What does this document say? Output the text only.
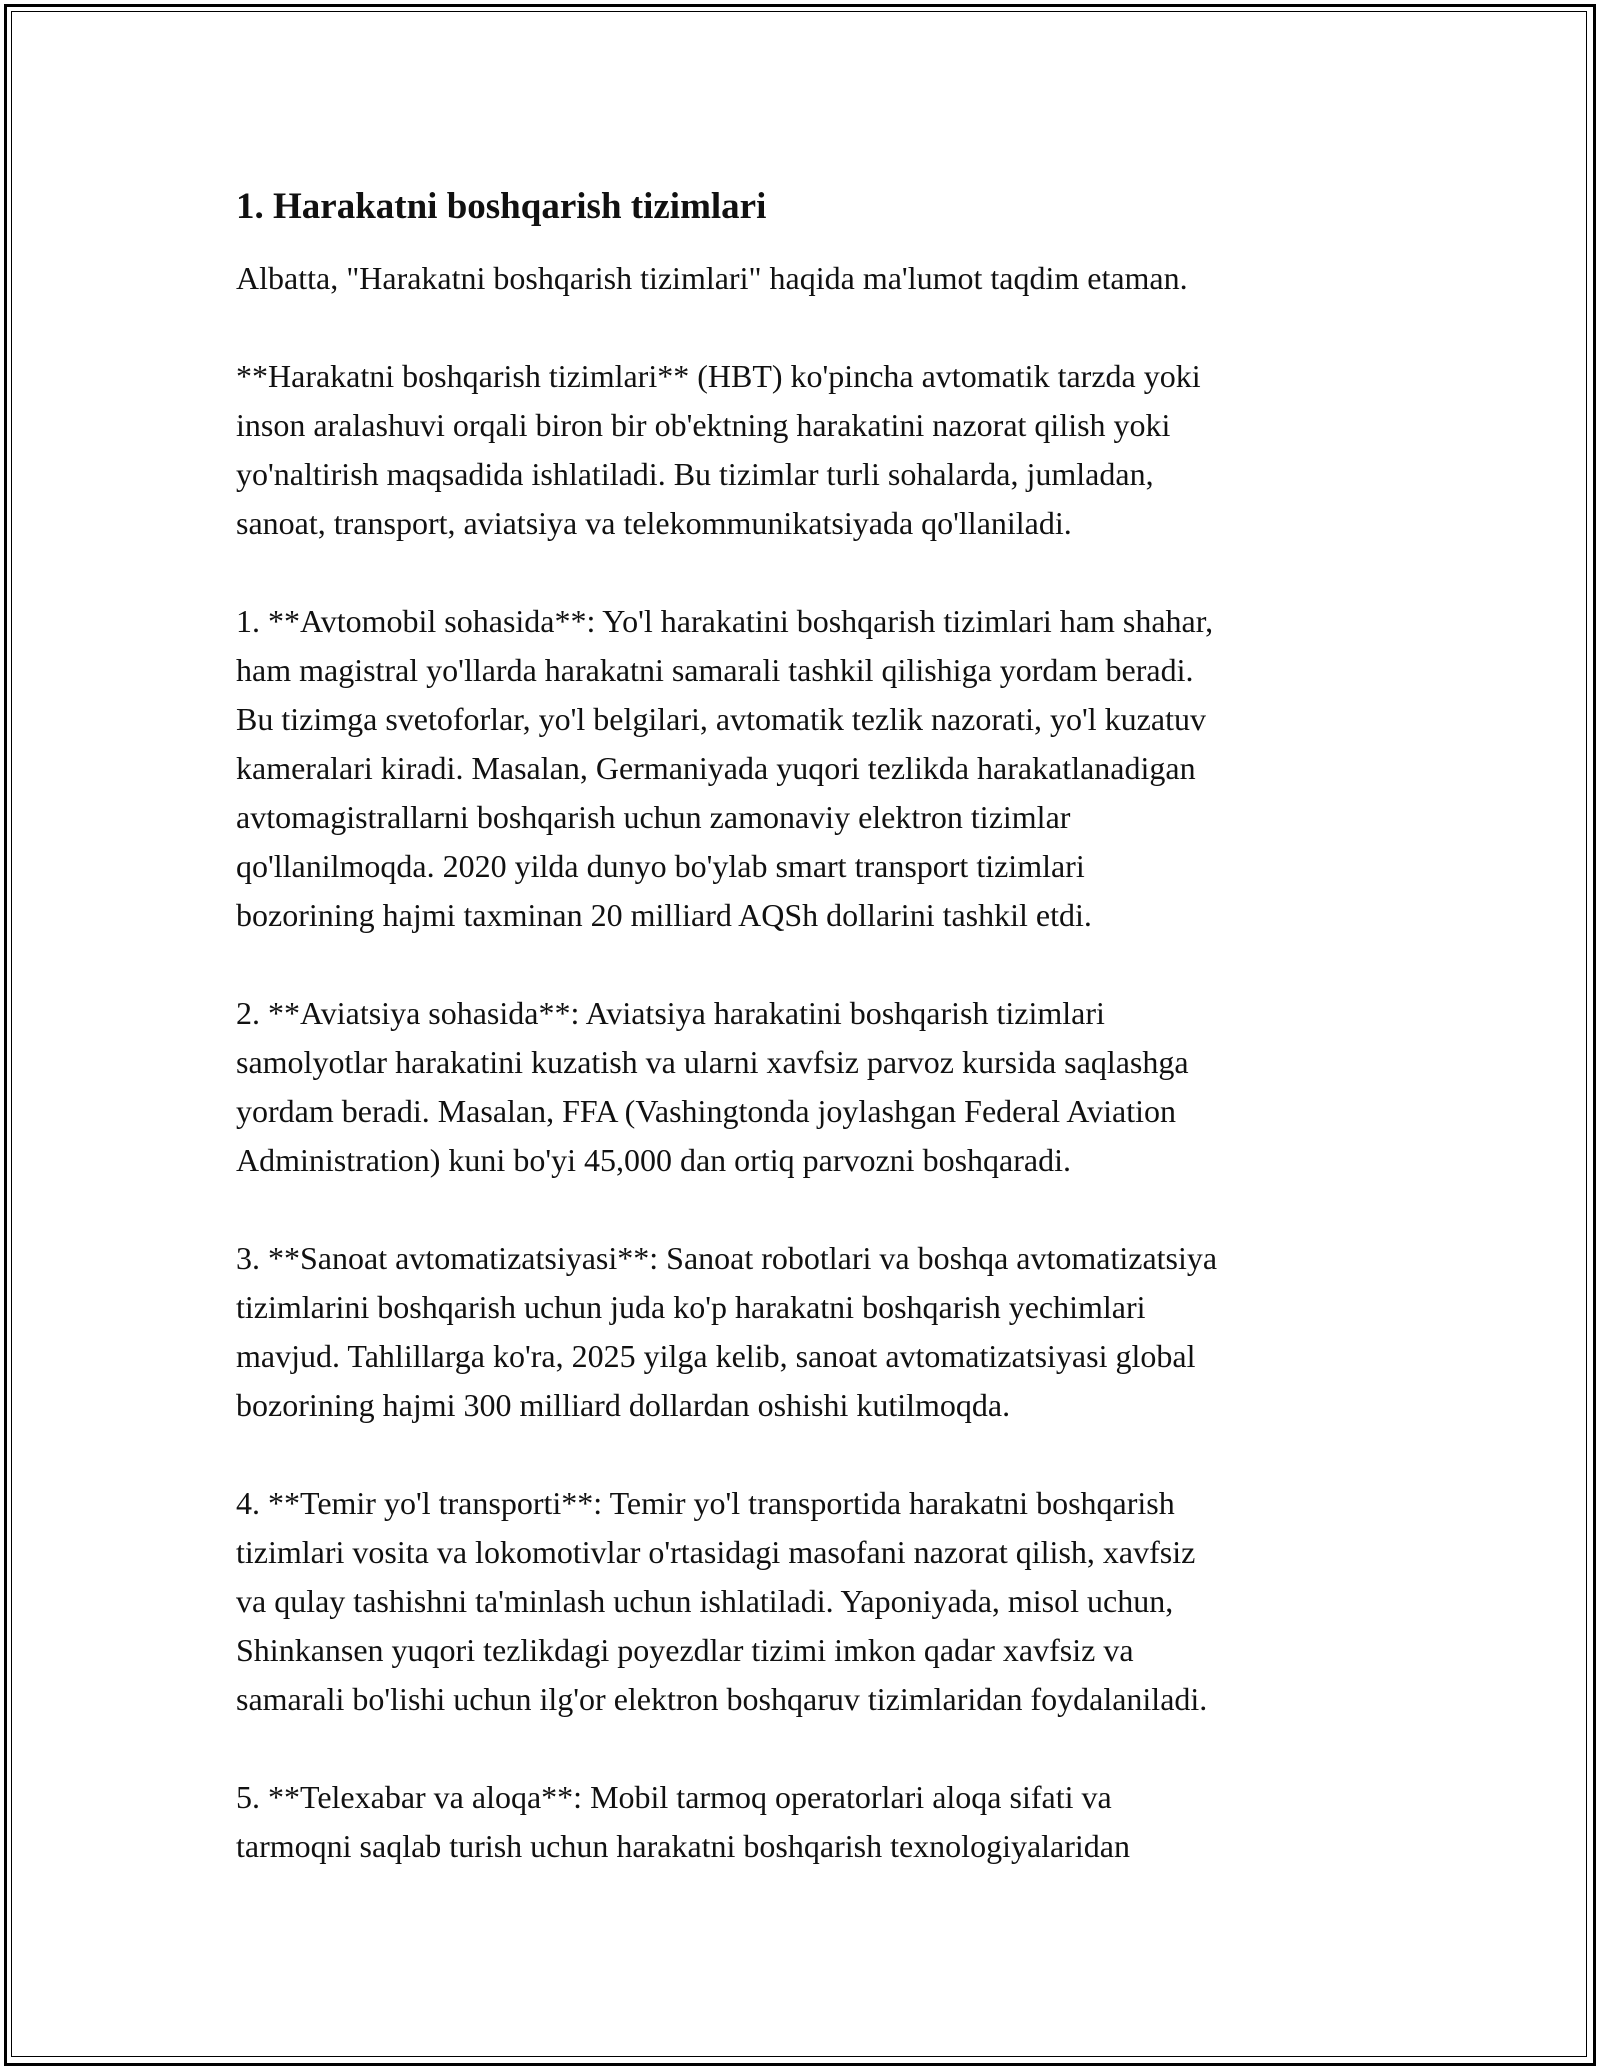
1. Harakatni boshqarish tizimlari

Albatta, "Harakatni boshqarish tizimlari" haqida ma'lumot taqdim etaman.

**Harakatni boshqarish tizimlari** (HBT) ko'pincha avtomatik tarzda yoki
inson aralashuvi orqali biron bir ob'ektning harakatini nazorat qilish yoki
yo'naltirish maqsadida ishlatiladi. Bu tizimlar turli sohalarda, jumladan,
sanoat, transport, aviatsiya va telekommunikatsiyada qo'llaniladi.

1. **Avtomobil sohasida**: Yo'l harakatini boshqarish tizimlari ham shahar,
ham magistral yo'llarda harakatni samarali tashkil qilishiga yordam beradi.
Bu tizimga svetoforlar, yo'l belgilari, avtomatik tezlik nazorati, yo'l kuzatuv
kameralari kiradi. Masalan, Germaniyada yuqori tezlikda harakatlanadigan
avtomagistrallarni boshqarish uchun zamonaviy elektron tizimlar
qo'llanilmoqda. 2020 yilda dunyo bo'ylab smart transport tizimlari
bozorining hajmi taxminan 20 milliard AQSh dollarini tashkil etdi.

2. **Aviatsiya sohasida**: Aviatsiya harakatini boshqarish tizimlari
samolyotlar harakatini kuzatish va ularni xavfsiz parvoz kursida saqlashga
yordam beradi. Masalan, FFA (Vashingtonda joylashgan Federal Aviation
Administration) kuni bo'yi 45,000 dan ortiq parvozni boshqaradi.

3. **Sanoat avtomatizatsiyasi**: Sanoat robotlari va boshqa avtomatizatsiya
tizimlarini boshqarish uchun juda ko'p harakatni boshqarish yechimlari
mavjud. Tahlillarga ko'ra, 2025 yilga kelib, sanoat avtomatizatsiyasi global
bozorining hajmi 300 milliard dollardan oshishi kutilmoqda.

4. **Temir yo'l transporti**: Temir yo'l transportida harakatni boshqarish
tizimlari vosita va lokomotivlar o'rtasidagi masofani nazorat qilish, xavfsiz
va qulay tashishni ta'minlash uchun ishlatiladi. Yaponiyada, misol uchun,
Shinkansen yuqori tezlikdagi poyezdlar tizimi imkon qadar xavfsiz va
samarali bo'lishi uchun ilg'or elektron boshqaruv tizimlaridan foydalaniladi.

5. **Telexabar va aloqa**: Mobil tarmoq operatorlari aloqa sifati va
tarmoqni saqlab turish uchun harakatni boshqarish texnologiyalaridan
